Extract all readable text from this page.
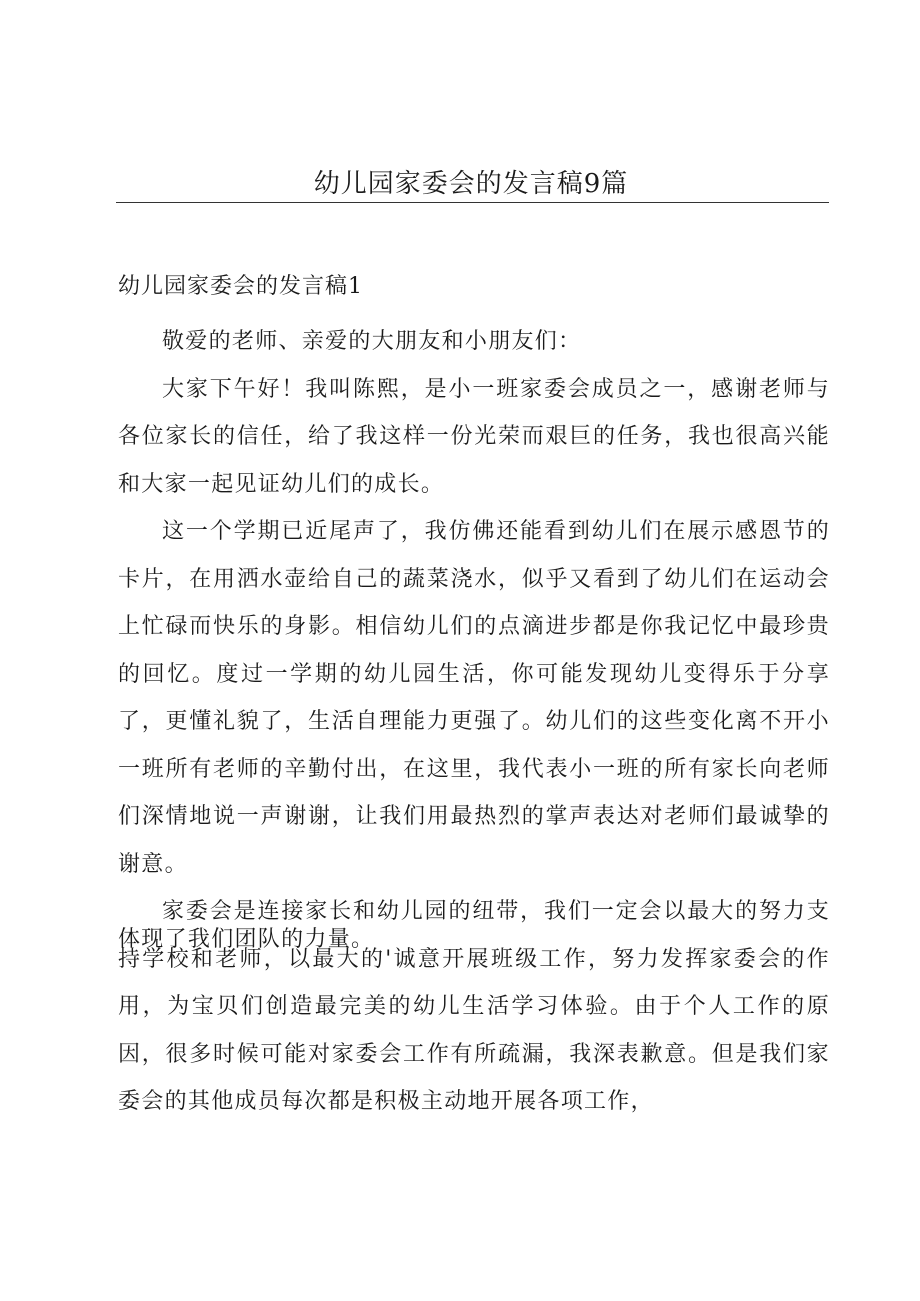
幼儿园家委会的发言稿9篇
幼儿园家委会的发言稿1

敬爱的老师、亲爱的大朋友和小朋友们：

大家下午好！我叫陈熙，是小一班家委会成员之一，感谢老师与各位家长的信任，给了我这样一份光荣而艰巨的任务，我也很高兴能和大家一起见证幼儿们的成长。

这一个学期已近尾声了，我仿佛还能看到幼儿们在展示感恩节的卡片，在用洒水壶给自己的蔬菜浇水，似乎又看到了幼儿们在运动会上忙碌而快乐的身影。相信幼儿们的点滴进步都是你我记忆中最珍贵的回忆。度过一学期的幼儿园生活，你可能发现幼儿变得乐于分享了，更懂礼貌了，生活自理能力更强了。幼儿们的这些变化离不开小一班所有老师的辛勤付出，在这里，我代表小一班的所有家长向老师们深情地说一声谢谢，让我们用最热烈的掌声表达对老师们最诚挚的谢意。

家委会是连接家长和幼儿园的纽带，我们一定会以最大的努力支持学校和老师，以最大的'诚意开展班级工作，努力发挥家委会的作用，为宝贝们创造最完美的幼儿生活学习体验。由于个人工作的原因，很多时候可能对家委会工作有所疏漏，我深表歉意。但是我们家委会的其他成员每次都是积极主动地开展各项工作，

体现了我们团队的力量。
